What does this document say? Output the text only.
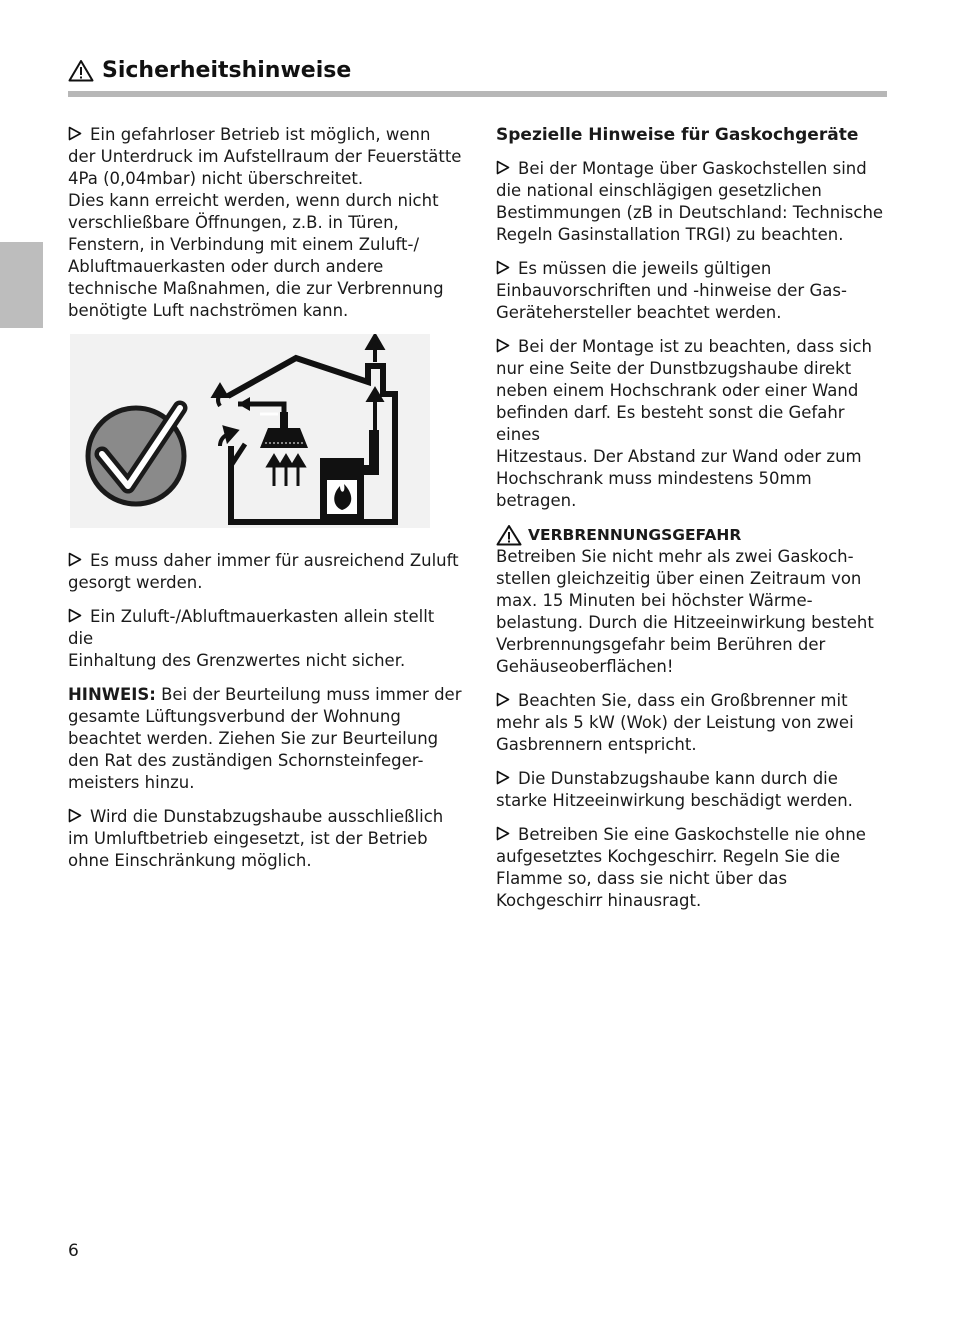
Sicherheitshinweise
Ein gefahrloser Betrieb ist möglich, wenn
der Unterdruck im Aufstellraum der Feuerstätte
4Pa (0,04mbar) nicht überschreitet.
Dies kann erreicht werden, wenn durch nicht
verschließbare Öffnungen, z.B. in Türen,
Fenstern, in Verbindung mit einem Zuluft-/
Abluftmauerkasten oder durch andere
technische Maßnahmen, die zur Verbrennung
benötigte Luft nachströmen kann.
Es muss daher immer für ausreichend Zuluft
gesorgt werden.
Ein Zuluft-/Abluftmauerkasten allein stellt die
Einhaltung des Grenzwertes nicht sicher.
HINWEIS: Bei der Beurteilung muss immer der
gesamte Lüftungsverbund der Wohnung
beachtet werden. Ziehen Sie zur Beurteilung
den Rat des zuständigen Schornsteinfeger-
meisters hinzu.
Wird die Dunstabzugshaube ausschließlich
im Umluftbetrieb eingesetzt, ist der Betrieb
ohne Einschränkung möglich.
Spezielle Hinweise für Gaskochgeräte
Bei der Montage über Gaskochstellen sind
die national einschlägigen gesetzlichen
Bestimmungen (zB in Deutschland: Technische
Regeln Gasinstallation TRGI) zu beachten.
Es müssen die jeweils gültigen
Einbauvorschriften und -hinweise der Gas-
Gerätehersteller beachtet werden.
Bei der Montage ist zu beachten, dass sich
nur eine Seite der Dunstbzugshaube direkt
neben einem Hochschrank oder einer Wand
befinden darf. Es besteht sonst die Gefahr eines
Hitzestaus. Der Abstand zur Wand oder zum
Hochschrank muss mindestens 50mm
betragen.
VERBRENNUNGSGEFAHR
Betreiben Sie nicht mehr als zwei Gaskoch-
stellen gleichzeitig über einen Zeitraum von
max. 15 Minuten bei höchster Wärme-
belastung. Durch die Hitzeeinwirkung besteht
Verbrennungsgefahr beim Berühren der
Gehäuseoberflächen!
Beachten Sie, dass ein Großbrenner mit
mehr als 5 kW (Wok) der Leistung von zwei
Gasbrennern entspricht.
Die Dunstabzugshaube kann durch die
starke Hitzeeinwirkung beschädigt werden.
Betreiben Sie eine Gaskochstelle nie ohne
aufgesetztes Kochgeschirr. Regeln Sie die
Flamme so, dass sie nicht über das
Kochgeschirr hinausragt.
6
